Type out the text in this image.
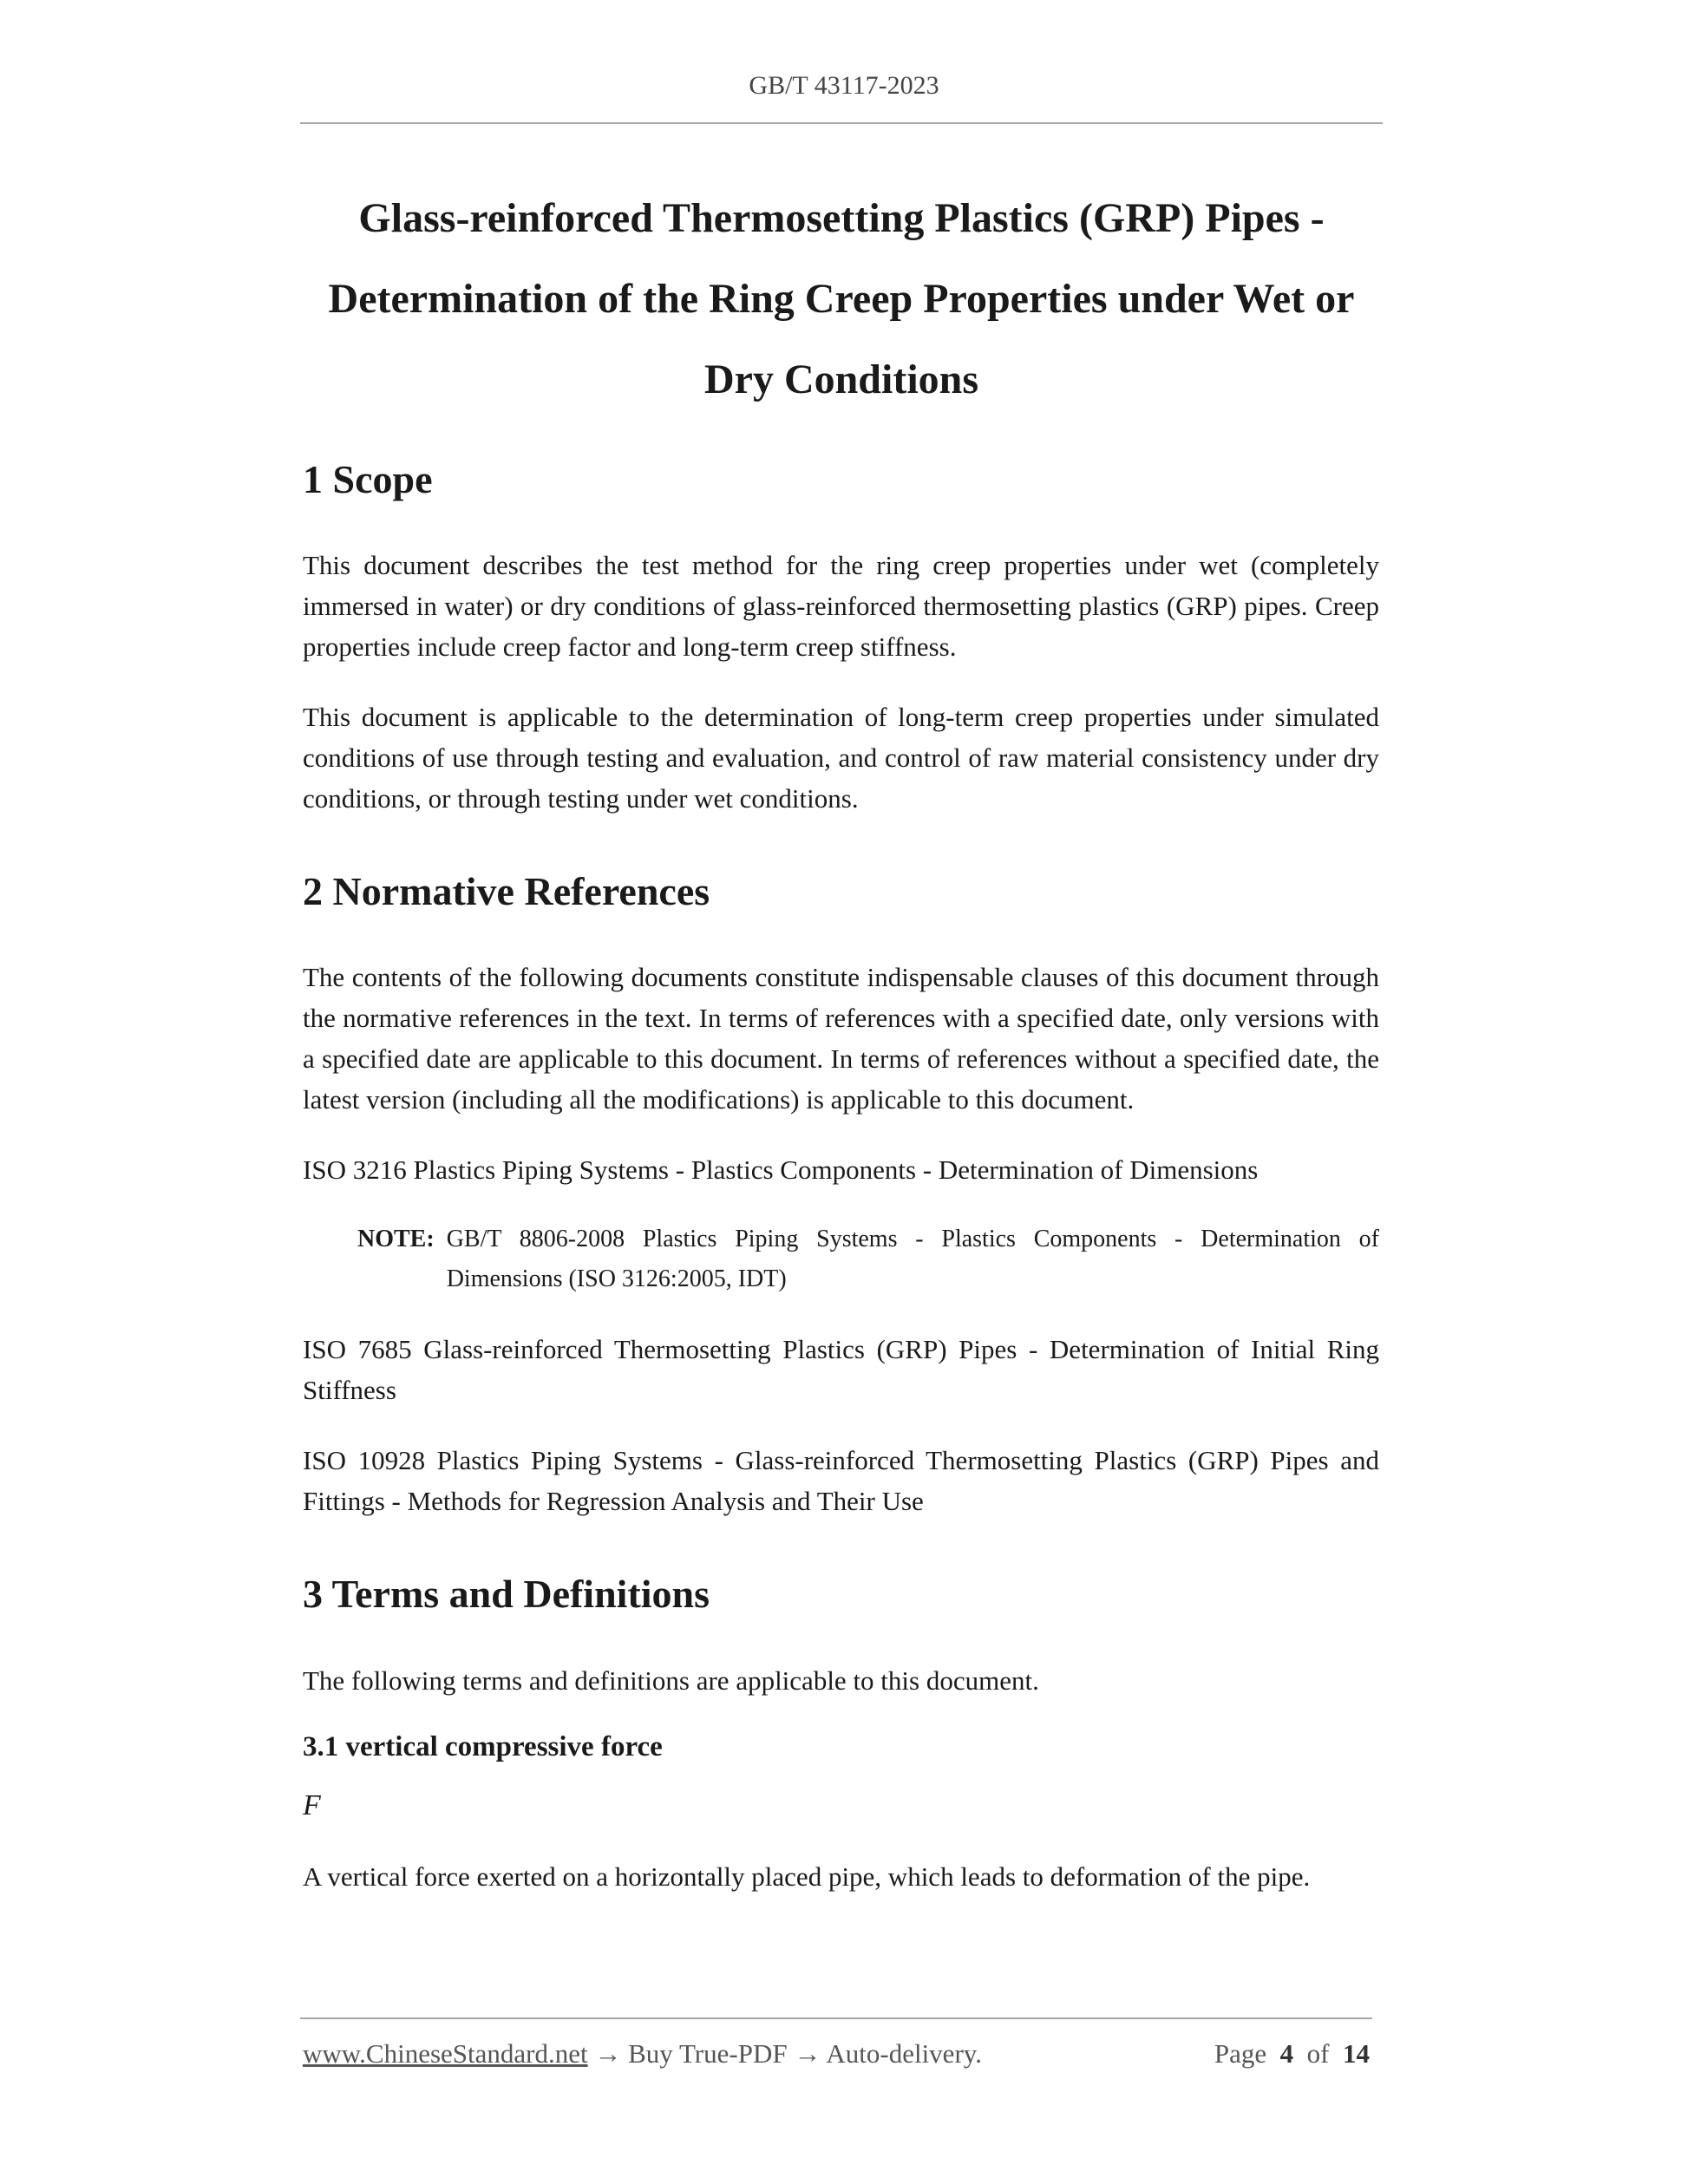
GB/T 43117-2023
Glass-reinforced Thermosetting Plastics (GRP) Pipes -
Determination of the Ring Creep Properties under Wet or
Dry Conditions
1 Scope

This document describes the test method for the ring creep properties under wet (completely immersed in water) or dry conditions of glass-reinforced thermosetting plastics (GRP) pipes. Creep properties include creep factor and long-term creep stiffness.

This document is applicable to the determination of long-term creep properties under simulated conditions of use through testing and evaluation, and control of raw material consistency under dry conditions, or through testing under wet conditions.

2 Normative References

The contents of the following documents constitute indispensable clauses of this document through the normative references in the text. In terms of references with a specified date, only versions with a specified date are applicable to this document. In terms of references without a specified date, the latest version (including all the modifications) is applicable to this document.

ISO 3216 Plastics Piping Systems - Plastics Components - Determination of Dimensions

NOTE: GB/T 8806-2008 Plastics Piping Systems - Plastics Components - Determination of Dimensions (ISO 3126:2005, IDT)

ISO 7685 Glass-reinforced Thermosetting Plastics (GRP) Pipes - Determination of Initial Ring Stiffness

ISO 10928 Plastics Piping Systems - Glass-reinforced Thermosetting Plastics (GRP) Pipes and Fittings - Methods for Regression Analysis and Their Use

3 Terms and Definitions

The following terms and definitions are applicable to this document.

3.1 vertical compressive force
F

A vertical force exerted on a horizontally placed pipe, which leads to deformation of the pipe.

www.ChineseStandard.net → Buy True-PDF → Auto-delivery.	Page 4 of 14
